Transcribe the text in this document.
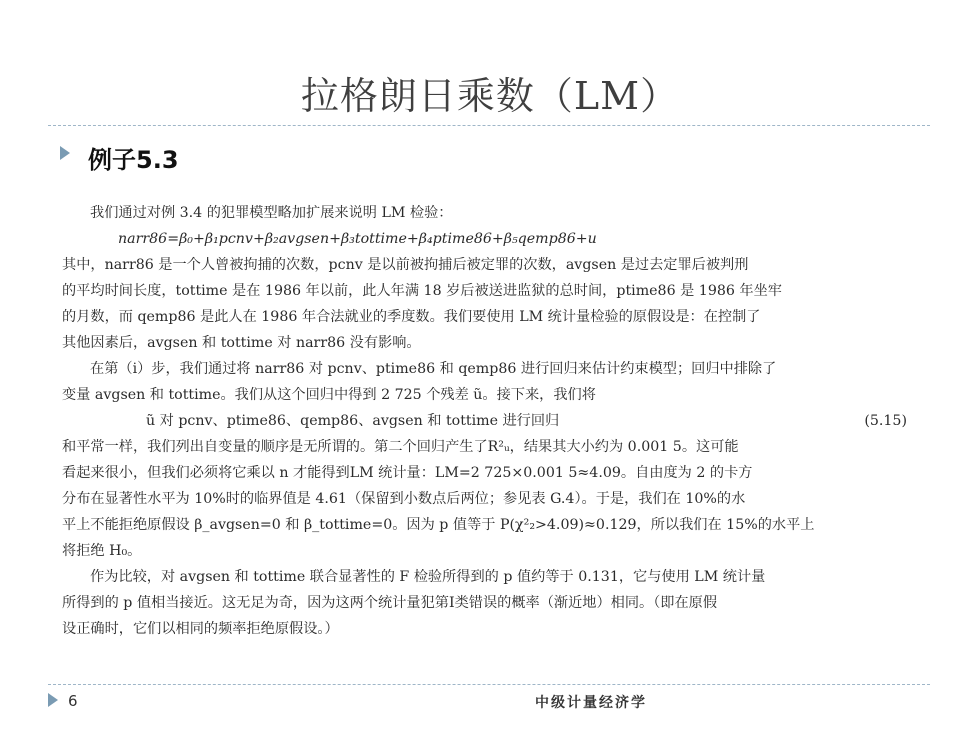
拉格朗日乘数（LM）
例子5.3
我们通过对例 3.4 的犯罪模型略加扩展来说明 LM 检验：
narr86=β₀+β₁pcnv+β₂avgsen+β₃tottime+β₄ptime86+β₅qemp86+u
其中，narr86 是一个人曾被拘捕的次数，pcnv 是以前被拘捕后被定罪的次数，avgsen 是过去定罪后被判刑
的平均时间长度，tottime 是在 1986 年以前，此人年满 18 岁后被送进监狱的总时间，ptime86 是 1986 年坐牢
的月数，而 qemp86 是此人在 1986 年合法就业的季度数。我们要使用 LM 统计量检验的原假设是：在控制了
其他因素后，avgsen 和 tottime 对 narr86 没有影响。
在第（i）步，我们通过将 narr86 对 pcnv、ptime86 和 qemp86 进行回归来估计约束模型；回归中排除了
变量 avgsen 和 tottime。我们从这个回归中得到 2 725 个残差 ũ。接下来，我们将
ũ 对 pcnv、ptime86、qemp86、avgsen 和 tottime 进行回归	(5.15)
和平常一样，我们列出自变量的顺序是无所谓的。第二个回归产生了R²ᵤ，结果其大小约为 0.001 5。这可能
看起来很小，但我们必须将它乘以 n 才能得到LM 统计量：LM=2 725×0.001 5≈4.09。自由度为 2 的卡方
分布在显著性水平为 10%时的临界值是 4.61（保留到小数点后两位；参见表 G.4）。于是，我们在 10%的水
平上不能拒绝原假设 β_avgsen=0 和 β_tottime=0。因为 p 值等于 P(χ²₂>4.09)≈0.129，所以我们在 15%的水平上
将拒绝 H₀。
作为比较，对 avgsen 和 tottime 联合显著性的 F 检验所得到的 p 值约等于 0.131，它与使用 LM 统计量
所得到的 p 值相当接近。这无足为奇，因为这两个统计量犯第Ⅰ类错误的概率（渐近地）相同。（即在原假
设正确时，它们以相同的频率拒绝原假设。）
6	中级计量经济学
